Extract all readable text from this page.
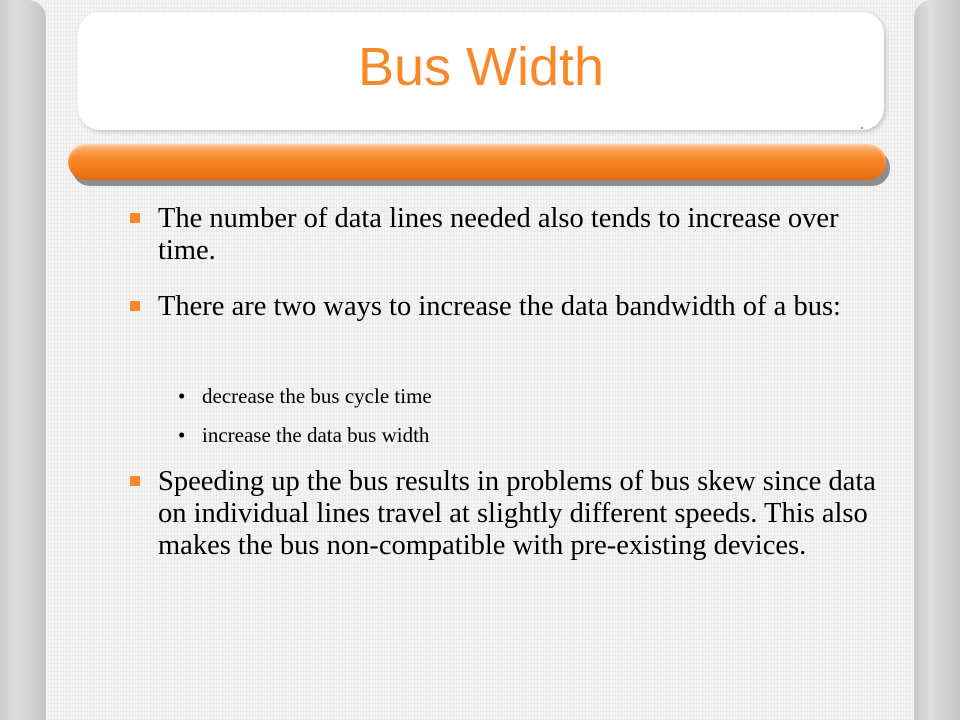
Bus Width
The number of data lines needed also tends to increase over time.
There are two ways to increase the data bandwidth of a bus:
• decrease the bus cycle time
• increase the data bus width
Speeding up the bus results in problems of bus skew since data on individual lines travel at slightly different speeds. This also makes the bus non-compatible with pre-existing devices.
